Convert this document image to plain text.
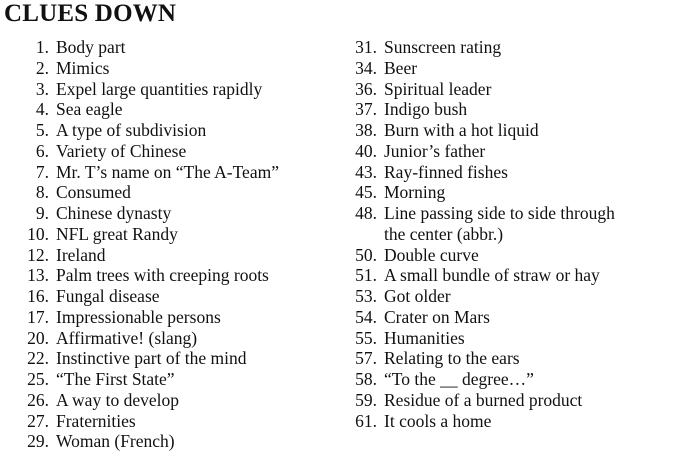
CLUES DOWN
1. Body part
2. Mimics
3. Expel large quantities rapidly
4. Sea eagle
5. A type of subdivision
6. Variety of Chinese
7. Mr. T’s name on “The A-Team”
8. Consumed
9. Chinese dynasty
10. NFL great Randy
12. Ireland
13. Palm trees with creeping roots
16. Fungal disease
17. Impressionable persons
20. Affirmative! (slang)
22. Instinctive part of the mind
25. “The First State”
26. A way to develop
27. Fraternities
29. Woman (French)
31. Sunscreen rating
34. Beer
36. Spiritual leader
37. Indigo bush
38. Burn with a hot liquid
40. Junior’s father
43. Ray-finned fishes
45. Morning
48. Line passing side to side through
the center (abbr.)
50. Double curve
51. A small bundle of straw or hay
53. Got older
54. Crater on Mars
55. Humanities
57. Relating to the ears
58. “To the __ degree…”
59. Residue of a burned product
61. It cools a home
